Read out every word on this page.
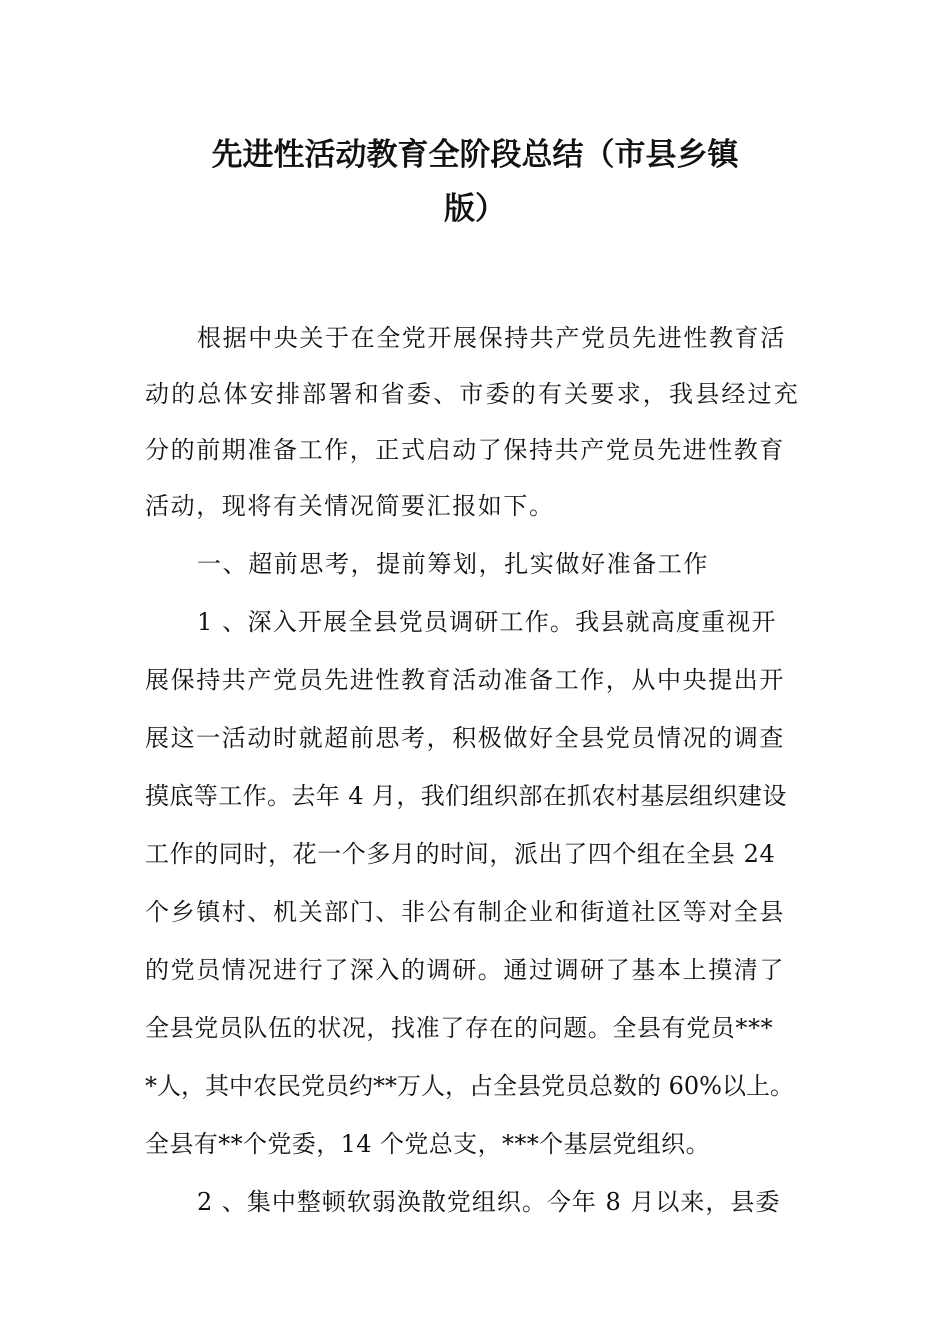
先进性活动教育全阶段总结（市县乡镇
版）
根据中央关于在全党开展保持共产党员先进性教育活
动的总体安排部署和省委、市委的有关要求，我县经过充
分的前期准备工作，正式启动了保持共产党员先进性教育
活动，现将有关情况简要汇报如下。
一、超前思考，提前筹划，扎实做好准备工作
1 、深入开展全县党员调研工作。我县就高度重视开
展保持共产党员先进性教育活动准备工作，从中央提出开
展这一活动时就超前思考，积极做好全县党员情况的调查
摸底等工作。去年 4 月，我们组织部在抓农村基层组织建设
工作的同时，花一个多月的时间，派出了四个组在全县 24
个乡镇村、机关部门、非公有制企业和街道社区等对全县
的党员情况进行了深入的调研。通过调研了基本上摸清了
全县党员队伍的状况，找准了存在的问题。全县有党员***
*人，其中农民党员约**万人，占全县党员总数的 60%以上。
全县有**个党委，14 个党总支，***个基层党组织。
2 、集中整顿软弱涣散党组织。今年 8 月以来，县委
